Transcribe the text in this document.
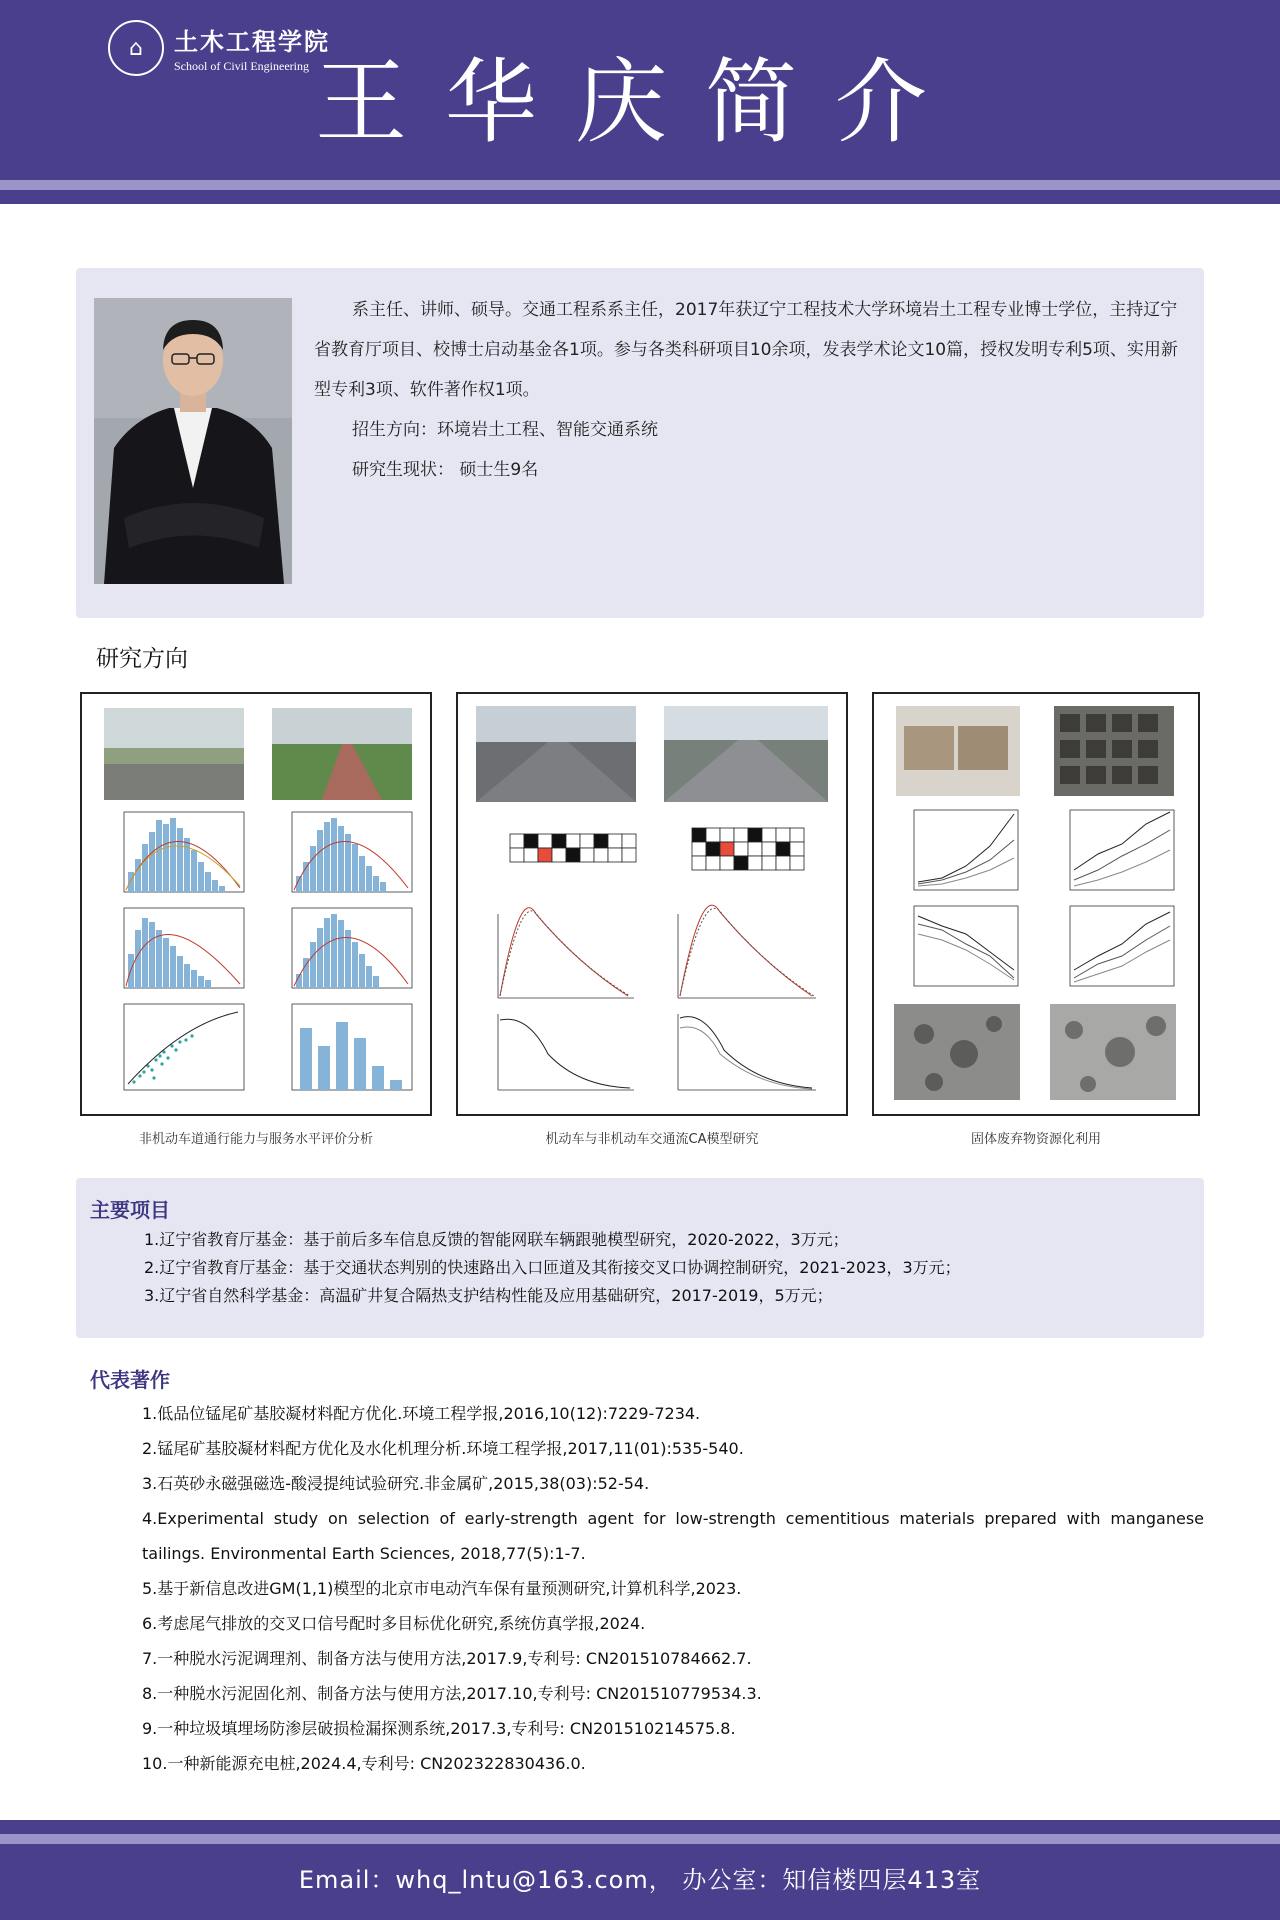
⌂	土木工程学院
School of Civil Engineering 王华庆简介

系主任、讲师、硕导。交通工程系系主任，2017年获辽宁工程技术大学环境岩土工程专业博士学位，主持辽宁省教育厅项目、校博士启动基金各1项。参与各类科研项目10余项，发表学术论文10篇，授权发明专利5项、实用新型专利3项、软件著作权1项。

招生方向：环境岩土工程、智能交通系统

研究生现状： 硕士生9名

研究方向
非机动车道通行能力与服务水平评价分析	机动车与非机动车交通流CA模型研究	固体废弃物资源化利用
主要项目
1.辽宁省教育厅基金：基于前后多车信息反馈的智能网联车辆跟驰模型研究，2020-2022，3万元；
2.辽宁省教育厅基金：基于交通状态判别的快速路出入口匝道及其衔接交叉口协调控制研究，2021-2023，3万元；
3.辽宁省自然科学基金：高温矿井复合隔热支护结构性能及应用基础研究，2017-2019，5万元；
代表著作
1.低品位锰尾矿基胶凝材料配方优化.环境工程学报,2016,10(12):7229-7234.
2.锰尾矿基胶凝材料配方优化及水化机理分析.环境工程学报,2017,11(01):535-540.
3.石英砂永磁强磁选-酸浸提纯试验研究.非金属矿,2015,38(03):52-54.
4.Experimental study on selection of early-strength agent for low-strength cementitious materials prepared with manganese tailings. Environmental Earth Sciences, 2018,77(5):1-7.
5.基于新信息改进GM(1,1)模型的北京市电动汽车保有量预测研究,计算机科学,2023.
6.考虑尾气排放的交叉口信号配时多目标优化研究,系统仿真学报,2024.
7.一种脱水污泥调理剂、制备方法与使用方法,2017.9,专利号: CN201510784662.7.
8.一种脱水污泥固化剂、制备方法与使用方法,2017.10,专利号: CN201510779534.3.
9.一种垃圾填埋场防渗层破损检漏探测系统,2017.3,专利号: CN201510214575.8.
10.一种新能源充电桩,2024.4,专利号: CN202322830436.0.
Email：whq_lntu@163.com， 办公室：知信楼四层413室
